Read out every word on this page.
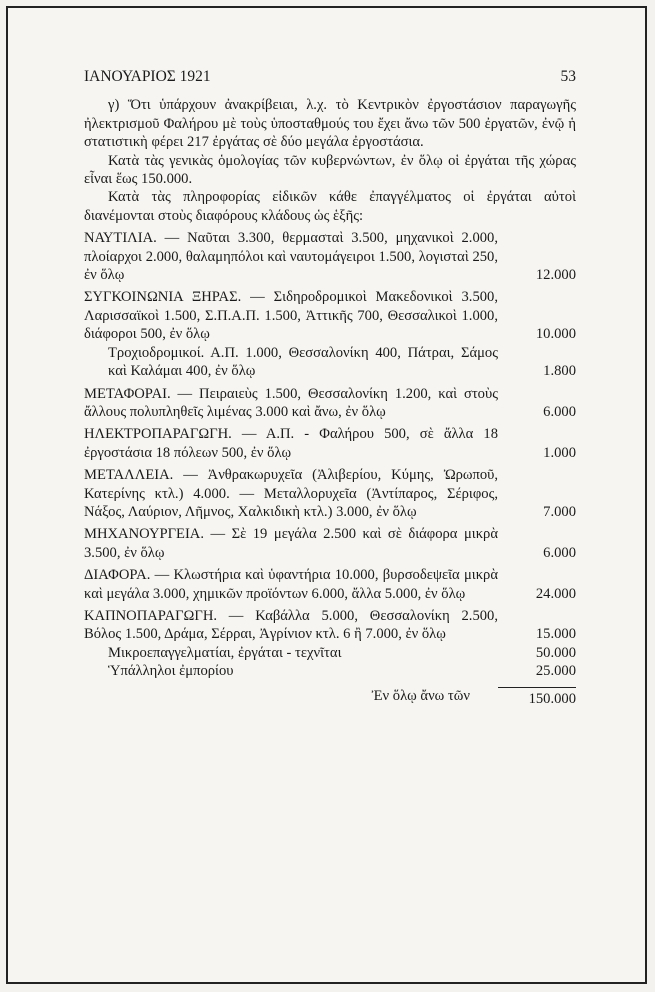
ΙΑΝΟΥΑΡΙΟΣ 1921	53
γ) Ὅτι ὑπάρχουν ἀνακρίβειαι, λ.χ. τὸ Κεντρικὸν ἐργοστάσιον παραγωγῆς ἠλεκτρισμοῦ Φαλήρου μὲ τοὺς ὑποσταθμούς του ἔχει ἄνω τῶν 500 ἐργατῶν, ἐνῷ ἡ στατιστικὴ φέρει 217 ἐργάτας σὲ δύο μεγάλα ἐργοστάσια.
Κατὰ τὰς γενικὰς ὁμολογίας τῶν κυβερνώντων, ἐν ὅλῳ οἱ ἐργάται τῆς χώρας εἶναι ἕως 150.000.
Κατὰ τὰς πληροφορίας εἰδικῶν κάθε ἐπαγγέλματος οἱ ἐργάται αὐτοὶ διανέμονται στοὺς διαφόρους κλάδους ὡς ἑξῆς:
ΝΑΥΤΙΛΙΑ. — Ναῦται 3.300, θερμασταὶ 3.500, μηχανικοὶ 2.000, πλοίαρχοι 2.000, θαλαμηπόλοι καὶ ναυτομάγειροι 1.500, λογισταὶ 250, ἐν ὅλῳ	12.000
ΣΥΓΚΟΙΝΩΝΙΑ ΞΗΡΑΣ. — Σιδηροδρομικοὶ Μακεδονικοὶ 3.500, Λαρισσαϊκοὶ 1.500, Σ.Π.Α.Π. 1.500, Ἀττικῆς 700, Θεσσαλικοὶ 1.000, διάφοροι 500, ἐν ὅλῳ	10.000
Τροχιοδρομικοί. Α.Π. 1.000, Θεσσαλονίκη 400, Πάτραι, Σάμος καὶ Καλάμαι 400, ἐν ὅλῳ	1.800
ΜΕΤΑΦΟΡΑΙ. — Πειραιεὺς 1.500, Θεσσαλονίκη 1.200, καὶ στοὺς ἄλλους πολυπληθεῖς λιμένας 3.000 καὶ ἄνω, ἐν ὅλῳ	6.000
ΗΛΕΚΤΡΟΠΑΡΑΓΩΓΗ. — Α.Π. - Φαλήρου 500, σὲ ἄλλα 18 ἐργοστάσια 18 πόλεων 500, ἐν ὅλῳ	1.000
ΜΕΤΑΛΛΕΙΑ. — Ἀνθρακωρυχεῖα (Ἀλιβερίου, Κύμης, Ὠρωποῦ, Κατερίνης κτλ.) 4.000. — Μεταλλορυχεῖα (Ἀντίπαρος, Σέριφος, Νάξος, Λαύριον, Λῆμνος, Χαλκιδικὴ κτλ.) 3.000, ἐν ὅλῳ	7.000
ΜΗΧΑΝΟΥΡΓΕΙΑ. — Σὲ 19 μεγάλα 2.500 καὶ σὲ διάφορα μικρὰ 3.500, ἐν ὅλῳ	6.000
ΔΙΑΦΟΡΑ. — Κλωστήρια καὶ ὑφαντήρια 10.000, βυρσοδεψεῖα μικρὰ καὶ μεγάλα 3.000, χημικῶν προϊόντων 6.000, ἄλλα 5.000, ἐν ὅλῳ	24.000
ΚΑΠΝΟΠΑΡΑΓΩΓΗ. — Καβάλλα 5.000, Θεσσαλονίκη 2.500, Βόλος 1.500, Δράμα, Σέρραι, Ἀγρίνιον κτλ. 6 ἢ 7.000, ἐν ὅλῳ	15.000
Μικροεπαγγελματίαι, ἐργάται - τεχνῖται	50.000
Ὑπάλληλοι ἐμπορίου	25.000
Ἐν ὅλῳ ἄνω τῶν	150.000
